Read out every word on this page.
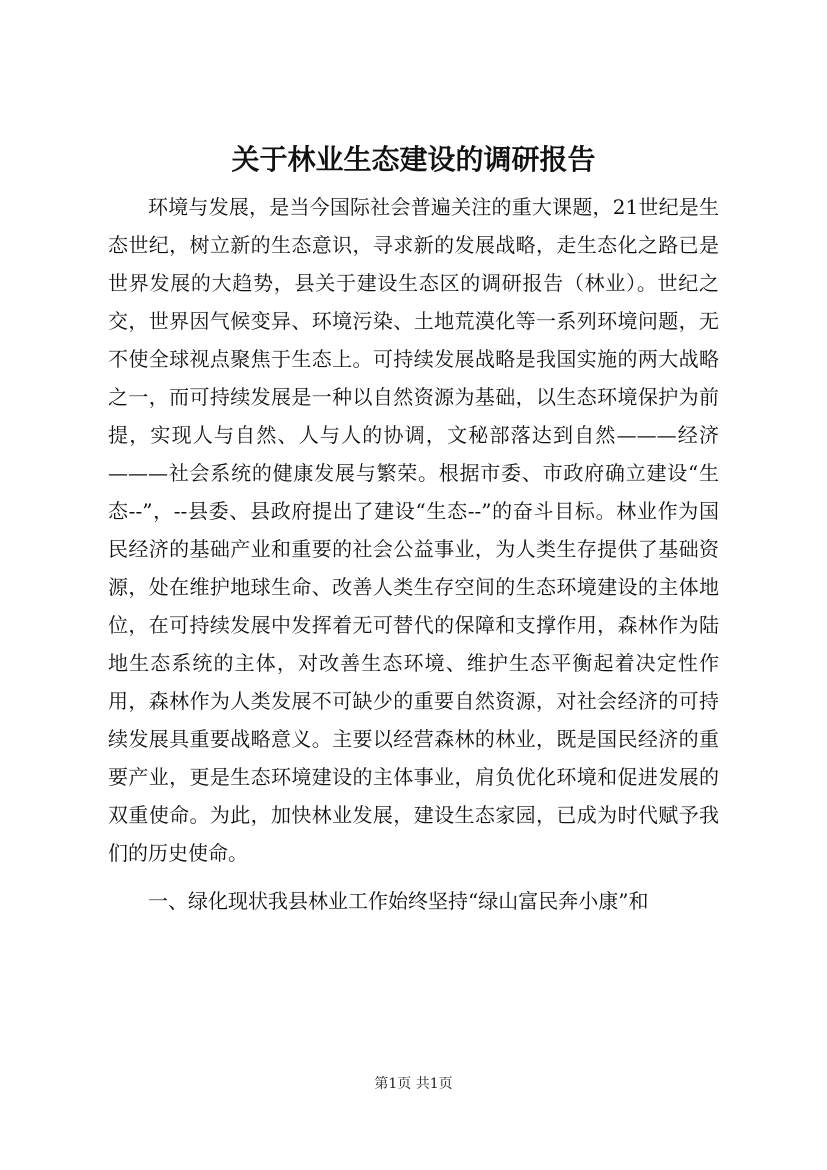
关于林业生态建设的调研报告

环境与发展，是当今国际社会普遍关注的重大课题，21世纪是生态世纪，树立新的生态意识，寻求新的发展战略，走生态化之路已是世界发展的大趋势，县关于建设生态区的调研报告（林业）。世纪之交，世界因气候变异、环境污染、土地荒漠化等一系列环境问题，无不使全球视点聚焦于生态上。可持续发展战略是我国实施的两大战略之一，而可持续发展是一种以自然资源为基础，以生态环境保护为前提，实现人与自然、人与人的协调，文秘部落达到自然———经济———社会系统的健康发展与繁荣。根据市委、市政府确立建设“生态--”，--县委、县政府提出了建设“生态--”的奋斗目标。林业作为国民经济的基础产业和重要的社会公益事业，为人类生存提供了基础资源，处在维护地球生命、改善人类生存空间的生态环境建设的主体地位，在可持续发展中发挥着无可替代的保障和支撑作用，森林作为陆地生态系统的主体，对改善生态环境、维护生态平衡起着决定性作用，森林作为人类发展不可缺少的重要自然资源，对社会经济的可持续发展具重要战略意义。主要以经营森林的林业，既是国民经济的重要产业，更是生态环境建设的主体事业，肩负优化环境和促进发展的双重使命。为此，加快林业发展，建设生态家园，已成为时代赋予我们的历史使命。

一、绿化现状我县林业工作始终坚持“绿山富民奔小康”和

第1页 共1页
